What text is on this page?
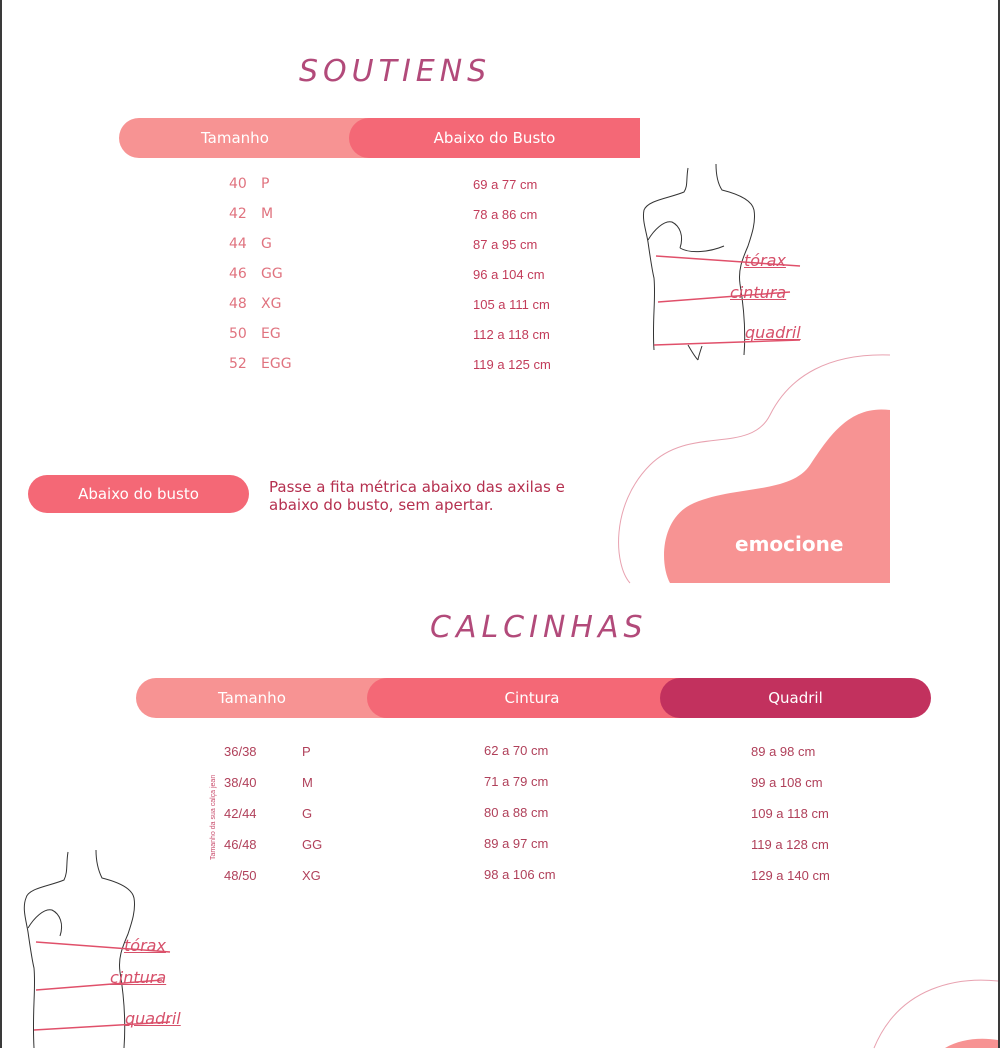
SOUTIENS
Tamanho	Abaixo do Busto
40 P	69 a 77 cm
42 M	78 a 86 cm
44 G	87 a 95 cm
46 GG	96 a 104 cm
48 XG	105 a 111 cm
50 EG	112 a 118 cm
52 EGG	119 a 125 cm
Abaixo do busto	Passe a fita métrica abaixo das axilas e
abaixo do busto, sem apertar.
tórax
cintura
quadril
emocione
CALCINHAS
Tamanho	Cintura	Quadril
Tamanho da sua calça jean
36/38	P	62 a 70 cm	89 a 98 cm
38/40	M	71 a 79 cm	99 a 108 cm
42/44	G	80 a 88 cm	109 a 118 cm
46/48	GG	89 a 97 cm	119 a 128 cm
48/50	XG	98 a 106 cm	129 a 140 cm
tórax
cintura
quadril
